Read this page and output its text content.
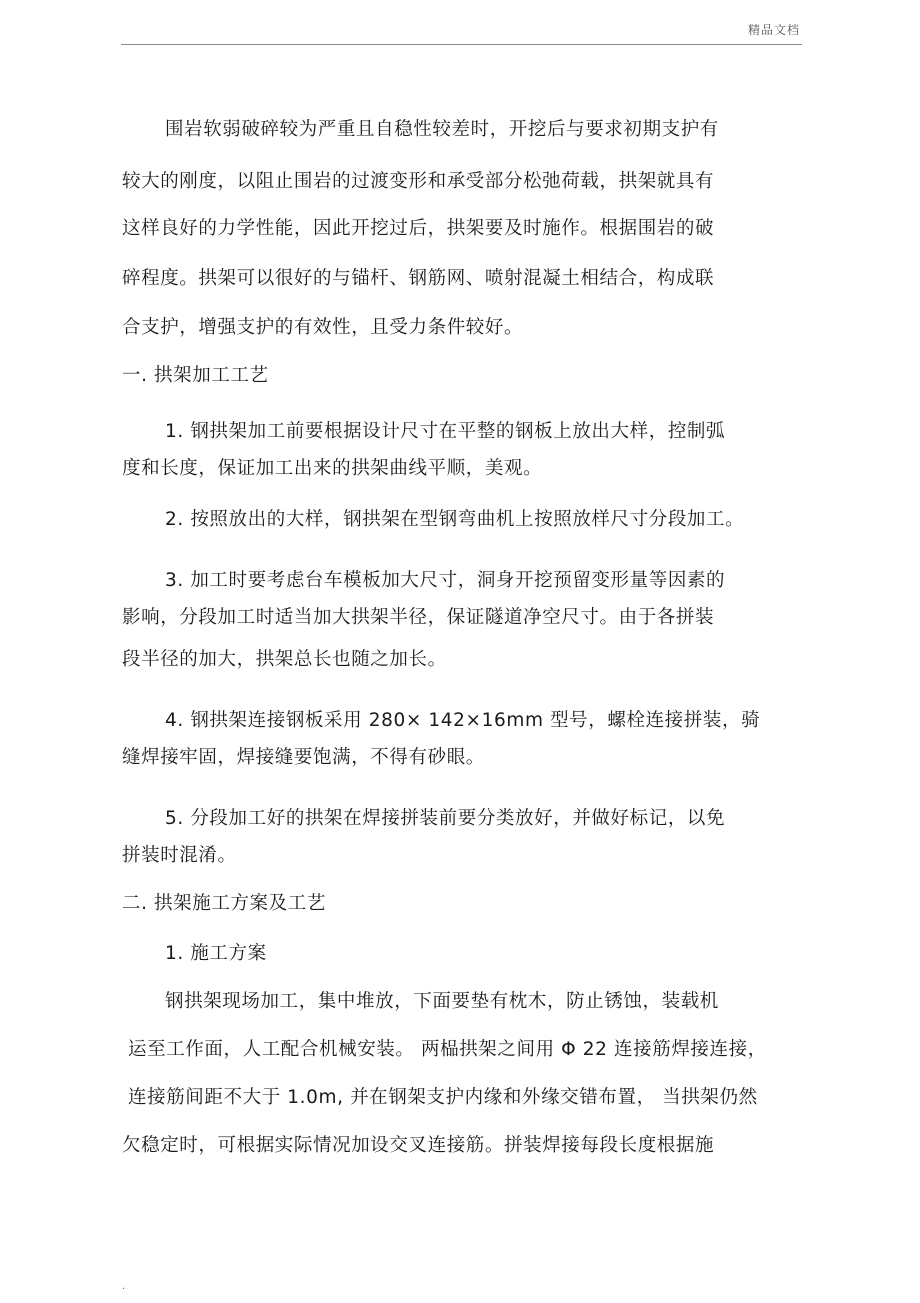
精品文档
围岩软弱破碎较为严重且自稳性较差时，开挖后与要求初期支护有
较大的刚度，以阻止围岩的过渡变形和承受部分松弛荷载，拱架就具有
这样良好的力学性能，因此开挖过后，拱架要及时施作。根据围岩的破
碎程度。拱架可以很好的与锚杆、钢筋网、喷射混凝土相结合，构成联
合支护，增强支护的有效性，且受力条件较好。
一. 拱架加工工艺
1. 钢拱架加工前要根据设计尺寸在平整的钢板上放出大样，控制弧
度和长度，保证加工出来的拱架曲线平顺，美观。
2. 按照放出的大样，钢拱架在型钢弯曲机上按照放样尺寸分段加工。
3. 加工时要考虑台车模板加大尺寸，洞身开挖预留变形量等因素的
影响，分段加工时适当加大拱架半径，保证隧道净空尺寸。由于各拼装
段半径的加大，拱架总长也随之加长。
4. 钢拱架连接钢板采用 280× 142×16mm 型号，螺栓连接拼装，骑
缝焊接牢固，焊接缝要饱满，不得有砂眼。
5. 分段加工好的拱架在焊接拼装前要分类放好，并做好标记，以免
拼装时混淆。
二. 拱架施工方案及工艺
1. 施工方案
钢拱架现场加工，集中堆放，下面要垫有枕木，防止锈蚀，装载机
运至工作面，人工配合机械安装。 两榀拱架之间用 Φ 22 连接筋焊接连接，
连接筋间距不大于 1.0m, 并在钢架支护内缘和外缘交错布置， 当拱架仍然
欠稳定时，可根据实际情况加设交叉连接筋。拼装焊接每段长度根据施
.
